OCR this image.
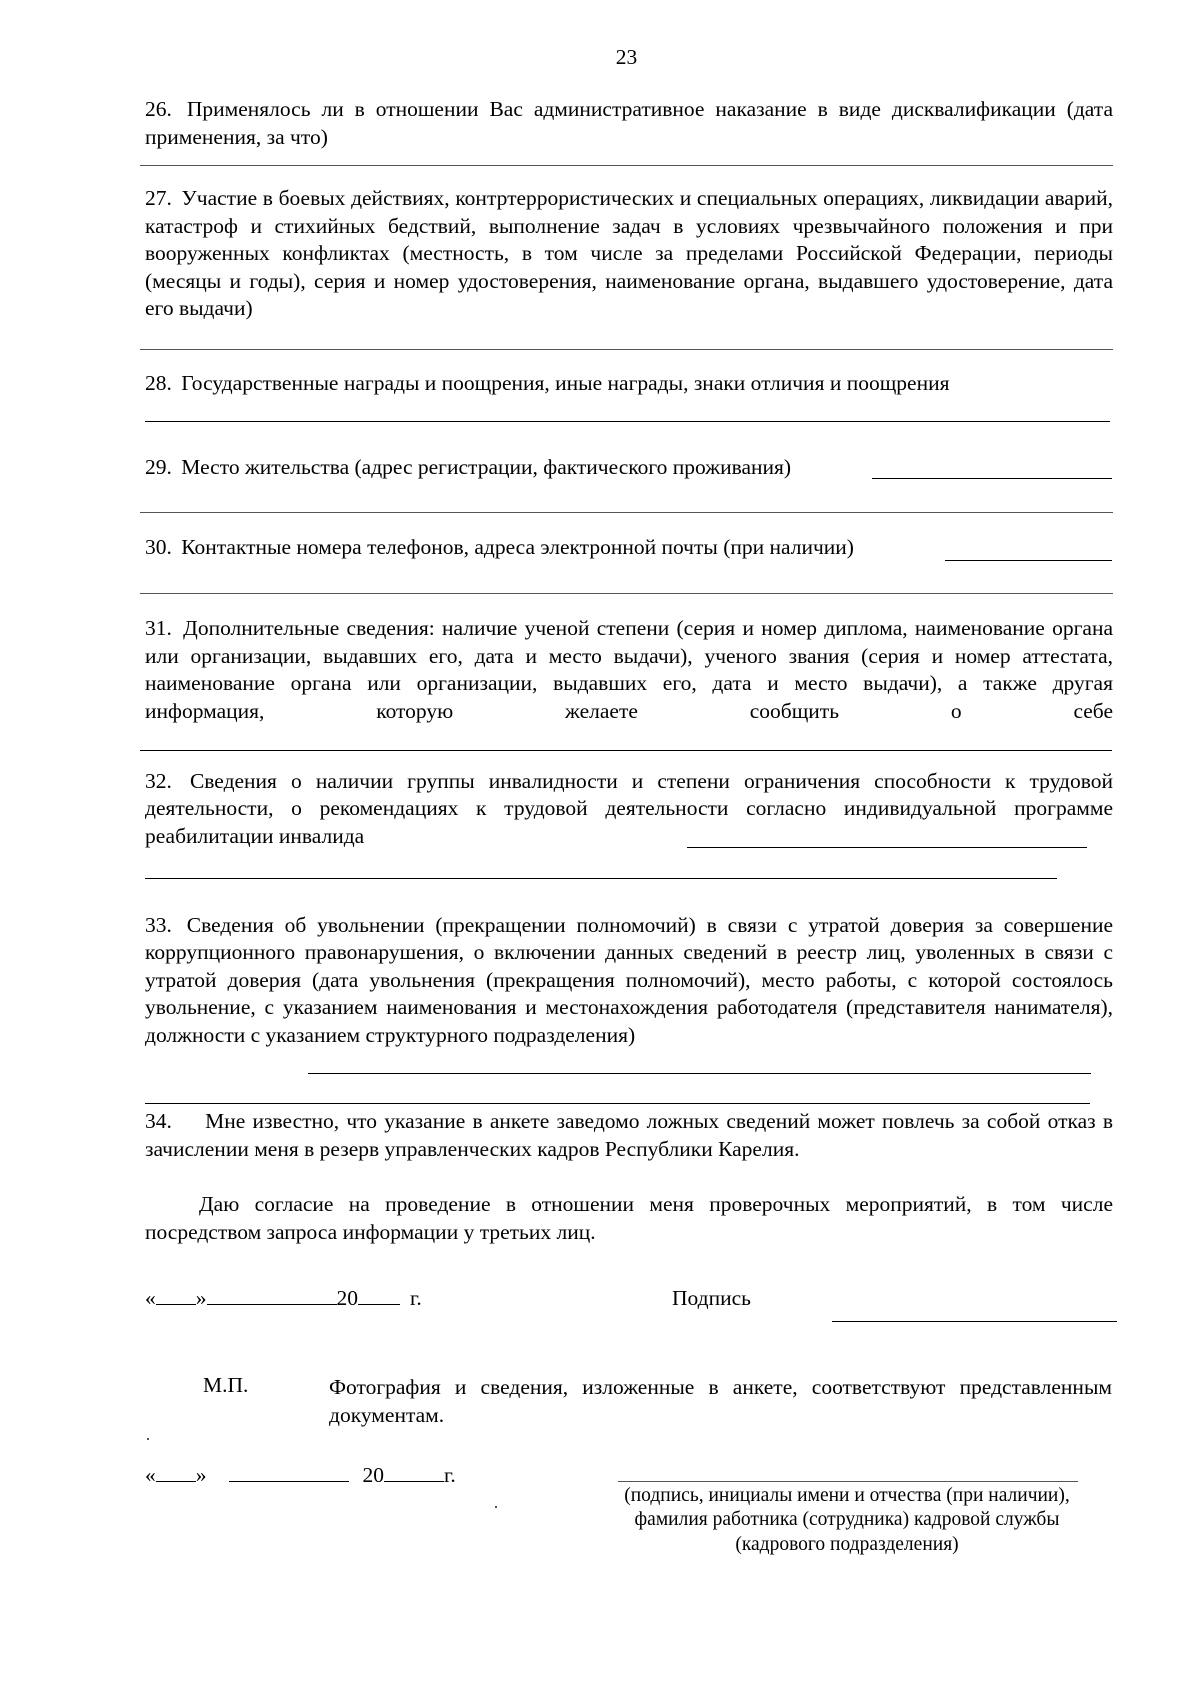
23
26. Применялось ли в отношении Вас административное наказание в виде дисквалификации (дата применения, за что)
27. Участие в боевых действиях, контртеррористических и специальных операциях, ликвидации аварий, катастроф и стихийных бедствий, выполнение задач в условиях чрезвычайного положения и при вооруженных конфликтах (местность, в том числе за пределами Российской Федерации, периоды (месяцы и годы), серия и номер удостоверения, наименование органа, выдавшего удостоверение, дата его выдачи)
28. Государственные награды и поощрения, иные награды, знаки отличия и поощрения
29. Место жительства (адрес регистрации, фактического проживания)
30. Контактные номера телефонов, адреса электронной почты (при наличии)
31. Дополнительные сведения: наличие ученой степени (серия и номер диплома, наименование органа или организации, выдавших его, дата и место выдачи), ученого звания (серия и номер аттестата, наименование органа или организации, выдавших его, дата и место выдачи), а также другая информация, которую желаете сообщить о себе
32. Сведения о наличии группы инвалидности и степени ограничения способности к трудовой деятельности, о рекомендациях к трудовой деятельности согласно индивидуальной программе реабилитации инвалида
33. Сведения об увольнении (прекращении полномочий) в связи с утратой доверия за совершение коррупционного правонарушения, о включении данных сведений в реестр лиц, уволенных в связи с утратой доверия (дата увольнения (прекращения полномочий), место работы, с которой состоялось увольнение, с указанием наименования и местонахождения работодателя (представителя нанимателя), должности с указанием структурного подразделения)
34. Мне известно, что указание в анкете заведомо ложных сведений может повлечь за собой отказ в зачислении меня в резерв управленческих кадров Республики Карелия.
Даю согласие на проведение в отношении меня проверочных мероприятий, в том числе посредством запроса информации у третьих лиц.
« »	20 г.	Подпись
М.П.	Фотография и сведения, изложенные в анкете, соответствуют представленным документам.
« »	20	г.
(подпись, инициалы имени и отчества (при наличии), фамилия работника (сотрудника) кадровой службы (кадрового подразделения)
